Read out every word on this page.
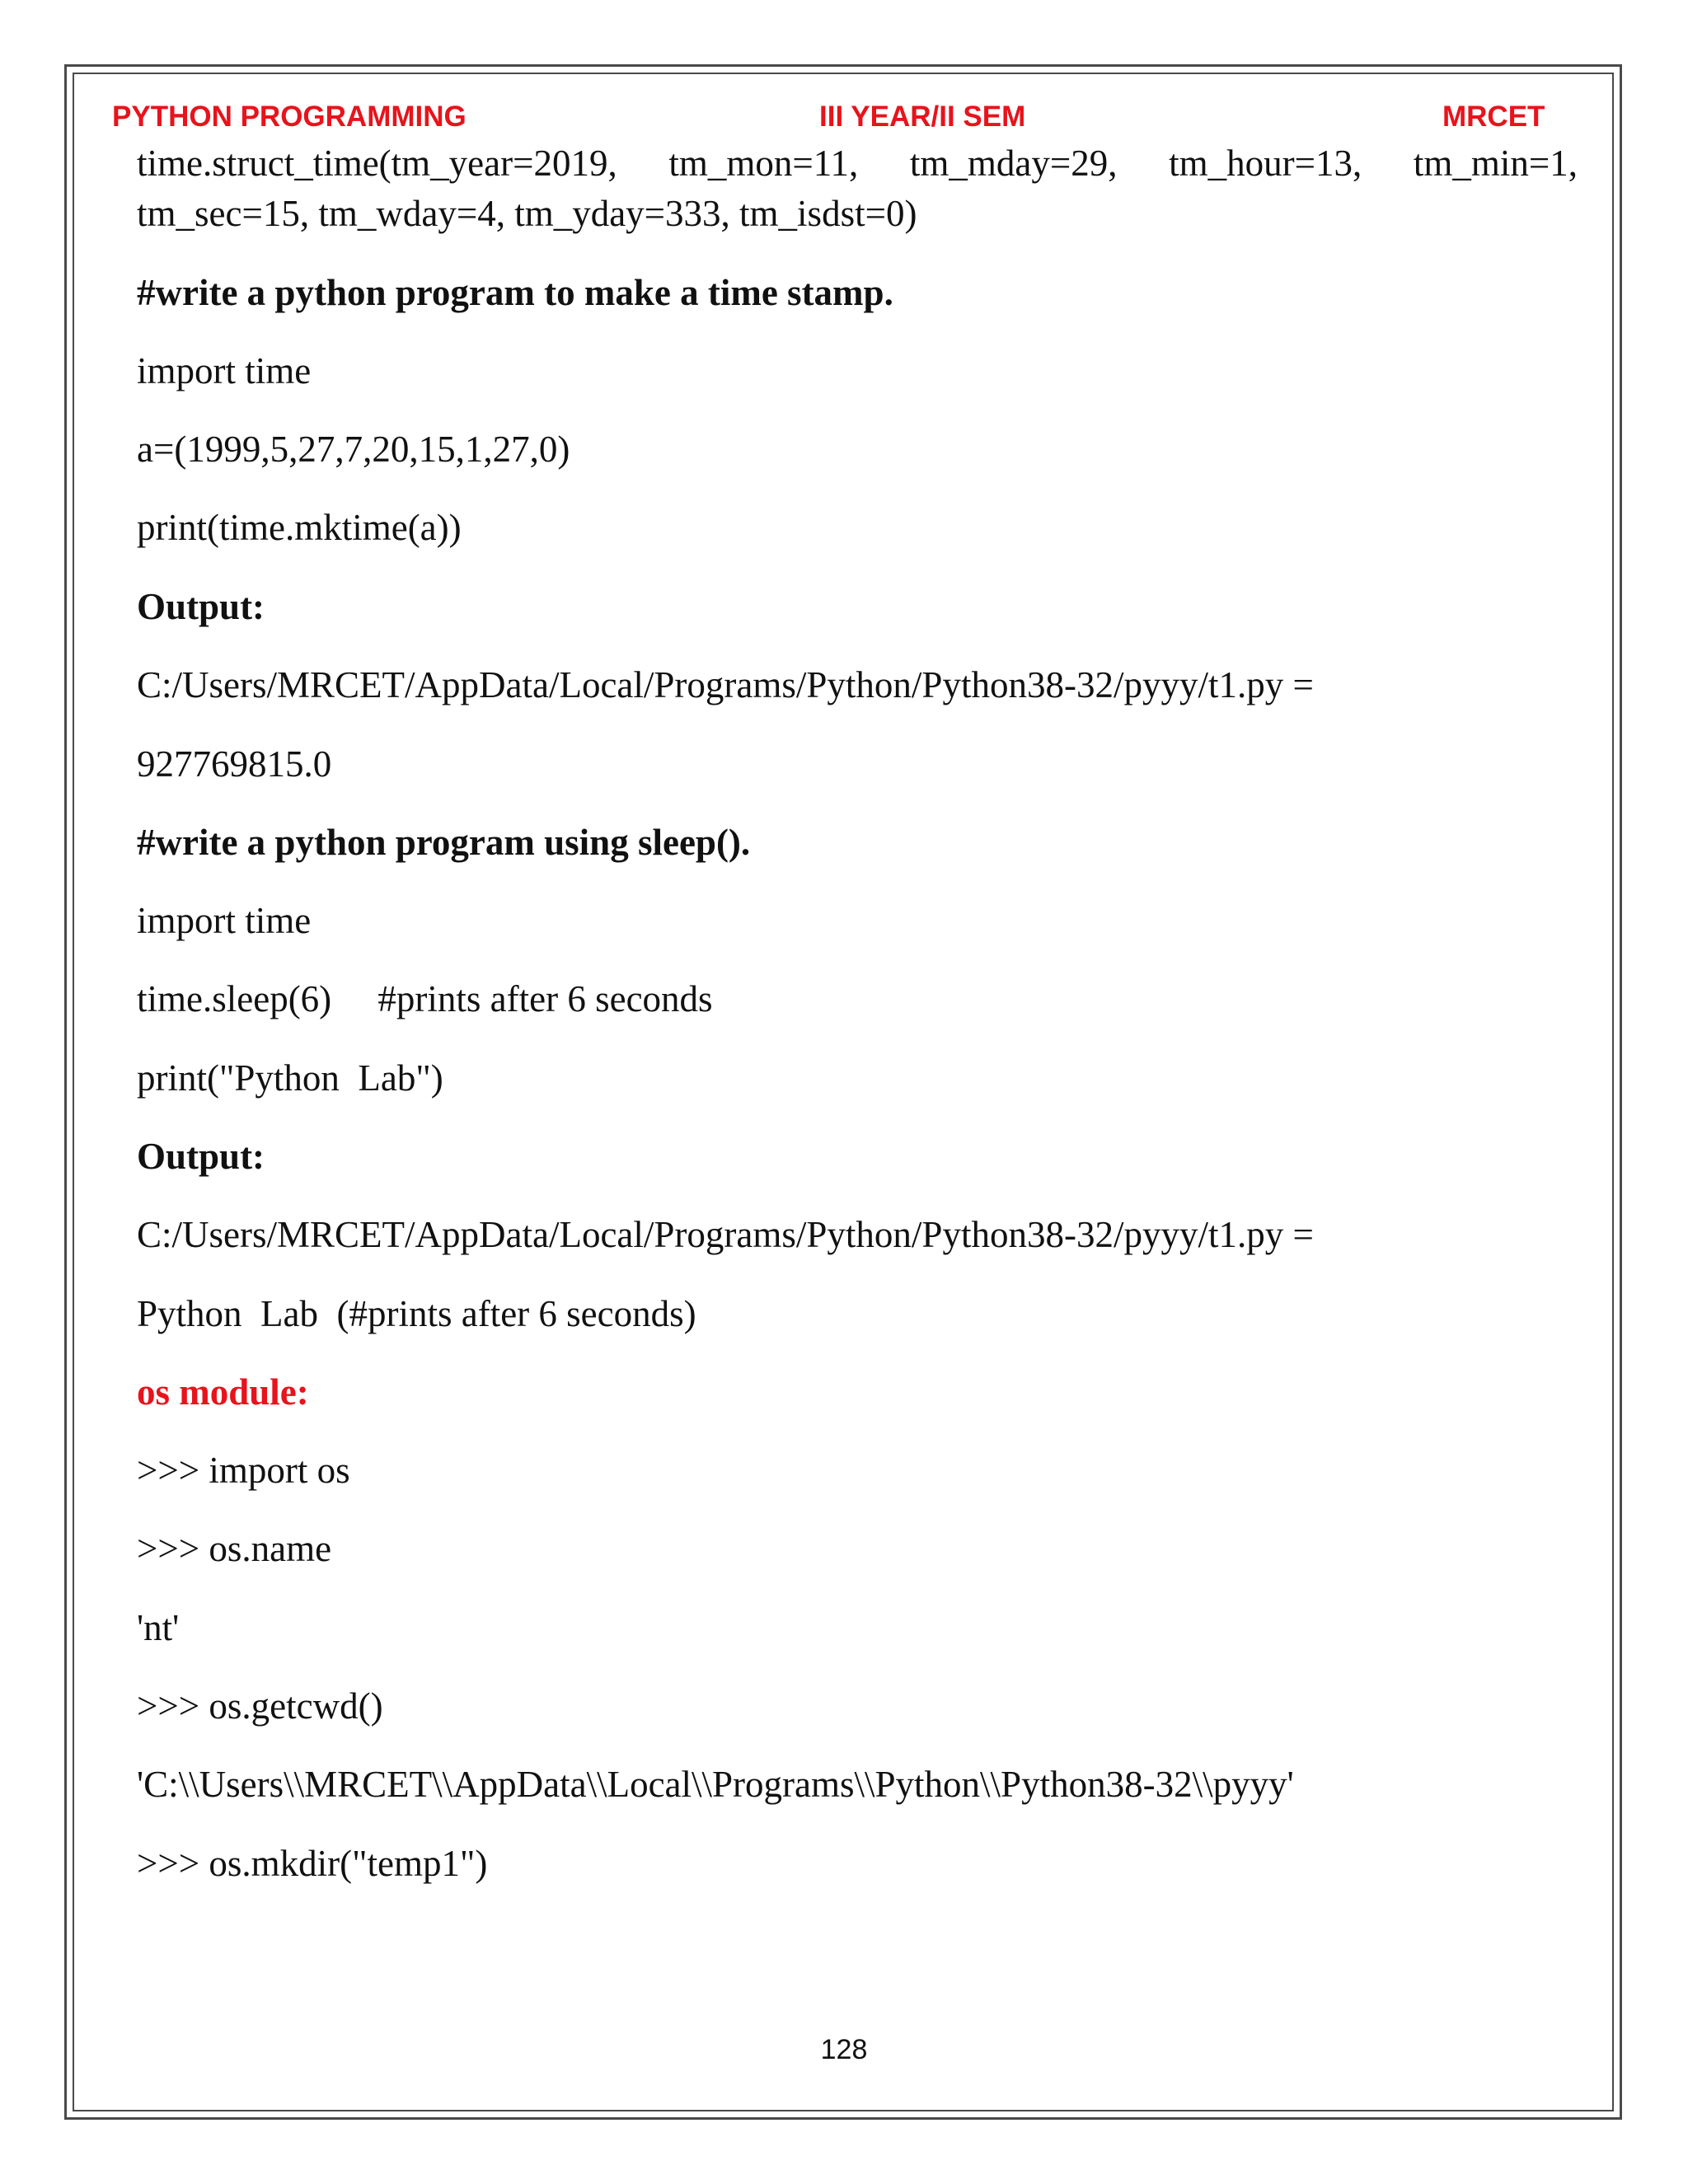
PYTHON PROGRAMMING	III YEAR/II SEM	MRCET
time.struct_time(tm_year=2019, tm_mon=11, tm_mday=29, tm_hour=13, tm_min=1,
tm_sec=15, tm_wday=4, tm_yday=333, tm_isdst=0)
#write a python program to make a time stamp.
import time
a=(1999,5,27,7,20,15,1,27,0)
print(time.mktime(a))
Output:
C:/Users/MRCET/AppData/Local/Programs/Python/Python38-32/pyyy/t1.py =
927769815.0
#write a python program using sleep().
import time
time.sleep(6)     #prints after 6 seconds
print("Python  Lab")
Output:
C:/Users/MRCET/AppData/Local/Programs/Python/Python38-32/pyyy/t1.py =
Python  Lab  (#prints after 6 seconds)
os module:
>>> import os
>>> os.name
'nt'
>>> os.getcwd()
'C:\\Users\\MRCET\\AppData\\Local\\Programs\\Python\\Python38-32\\pyyy'
>>> os.mkdir("temp1")
128
